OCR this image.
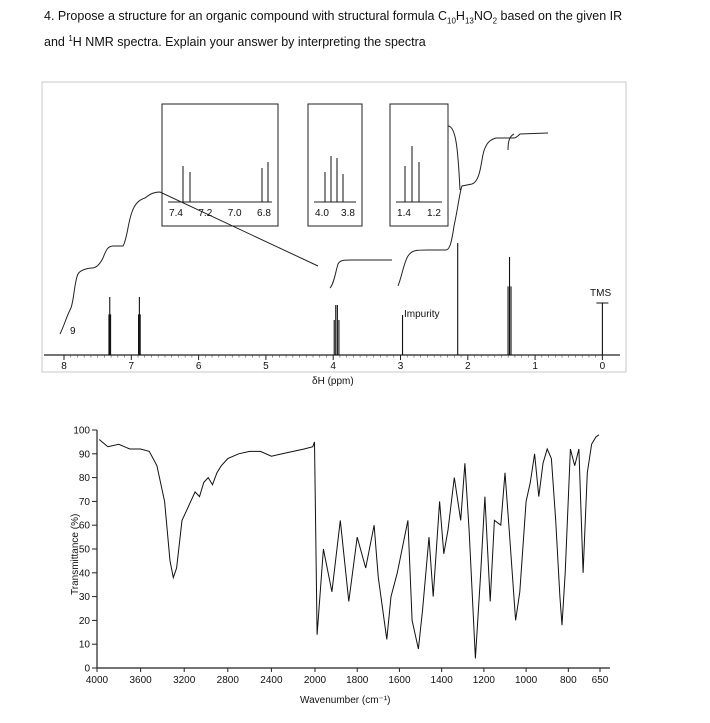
4. Propose a structure for an organic compound with structural formula $C_{10}H_{13}NO_2$ based on the given IR

and $^1$H NMR spectra. Explain your answer by interpreting the spectra

8	7	6	5	4	3	2	1	0
7.4 7.2 7.0 6.8	4.0 3.8	1.4 1.2
9
Impurity
TMS
δH (ppm)
100
90
80
70
60
50
40
30
20
10
0
4000 3600 3200 2800 2400 2000 1800 1600 1400 1200 1000 800 650
Wavenumber (cm⁻¹)
Transmittance (%)
